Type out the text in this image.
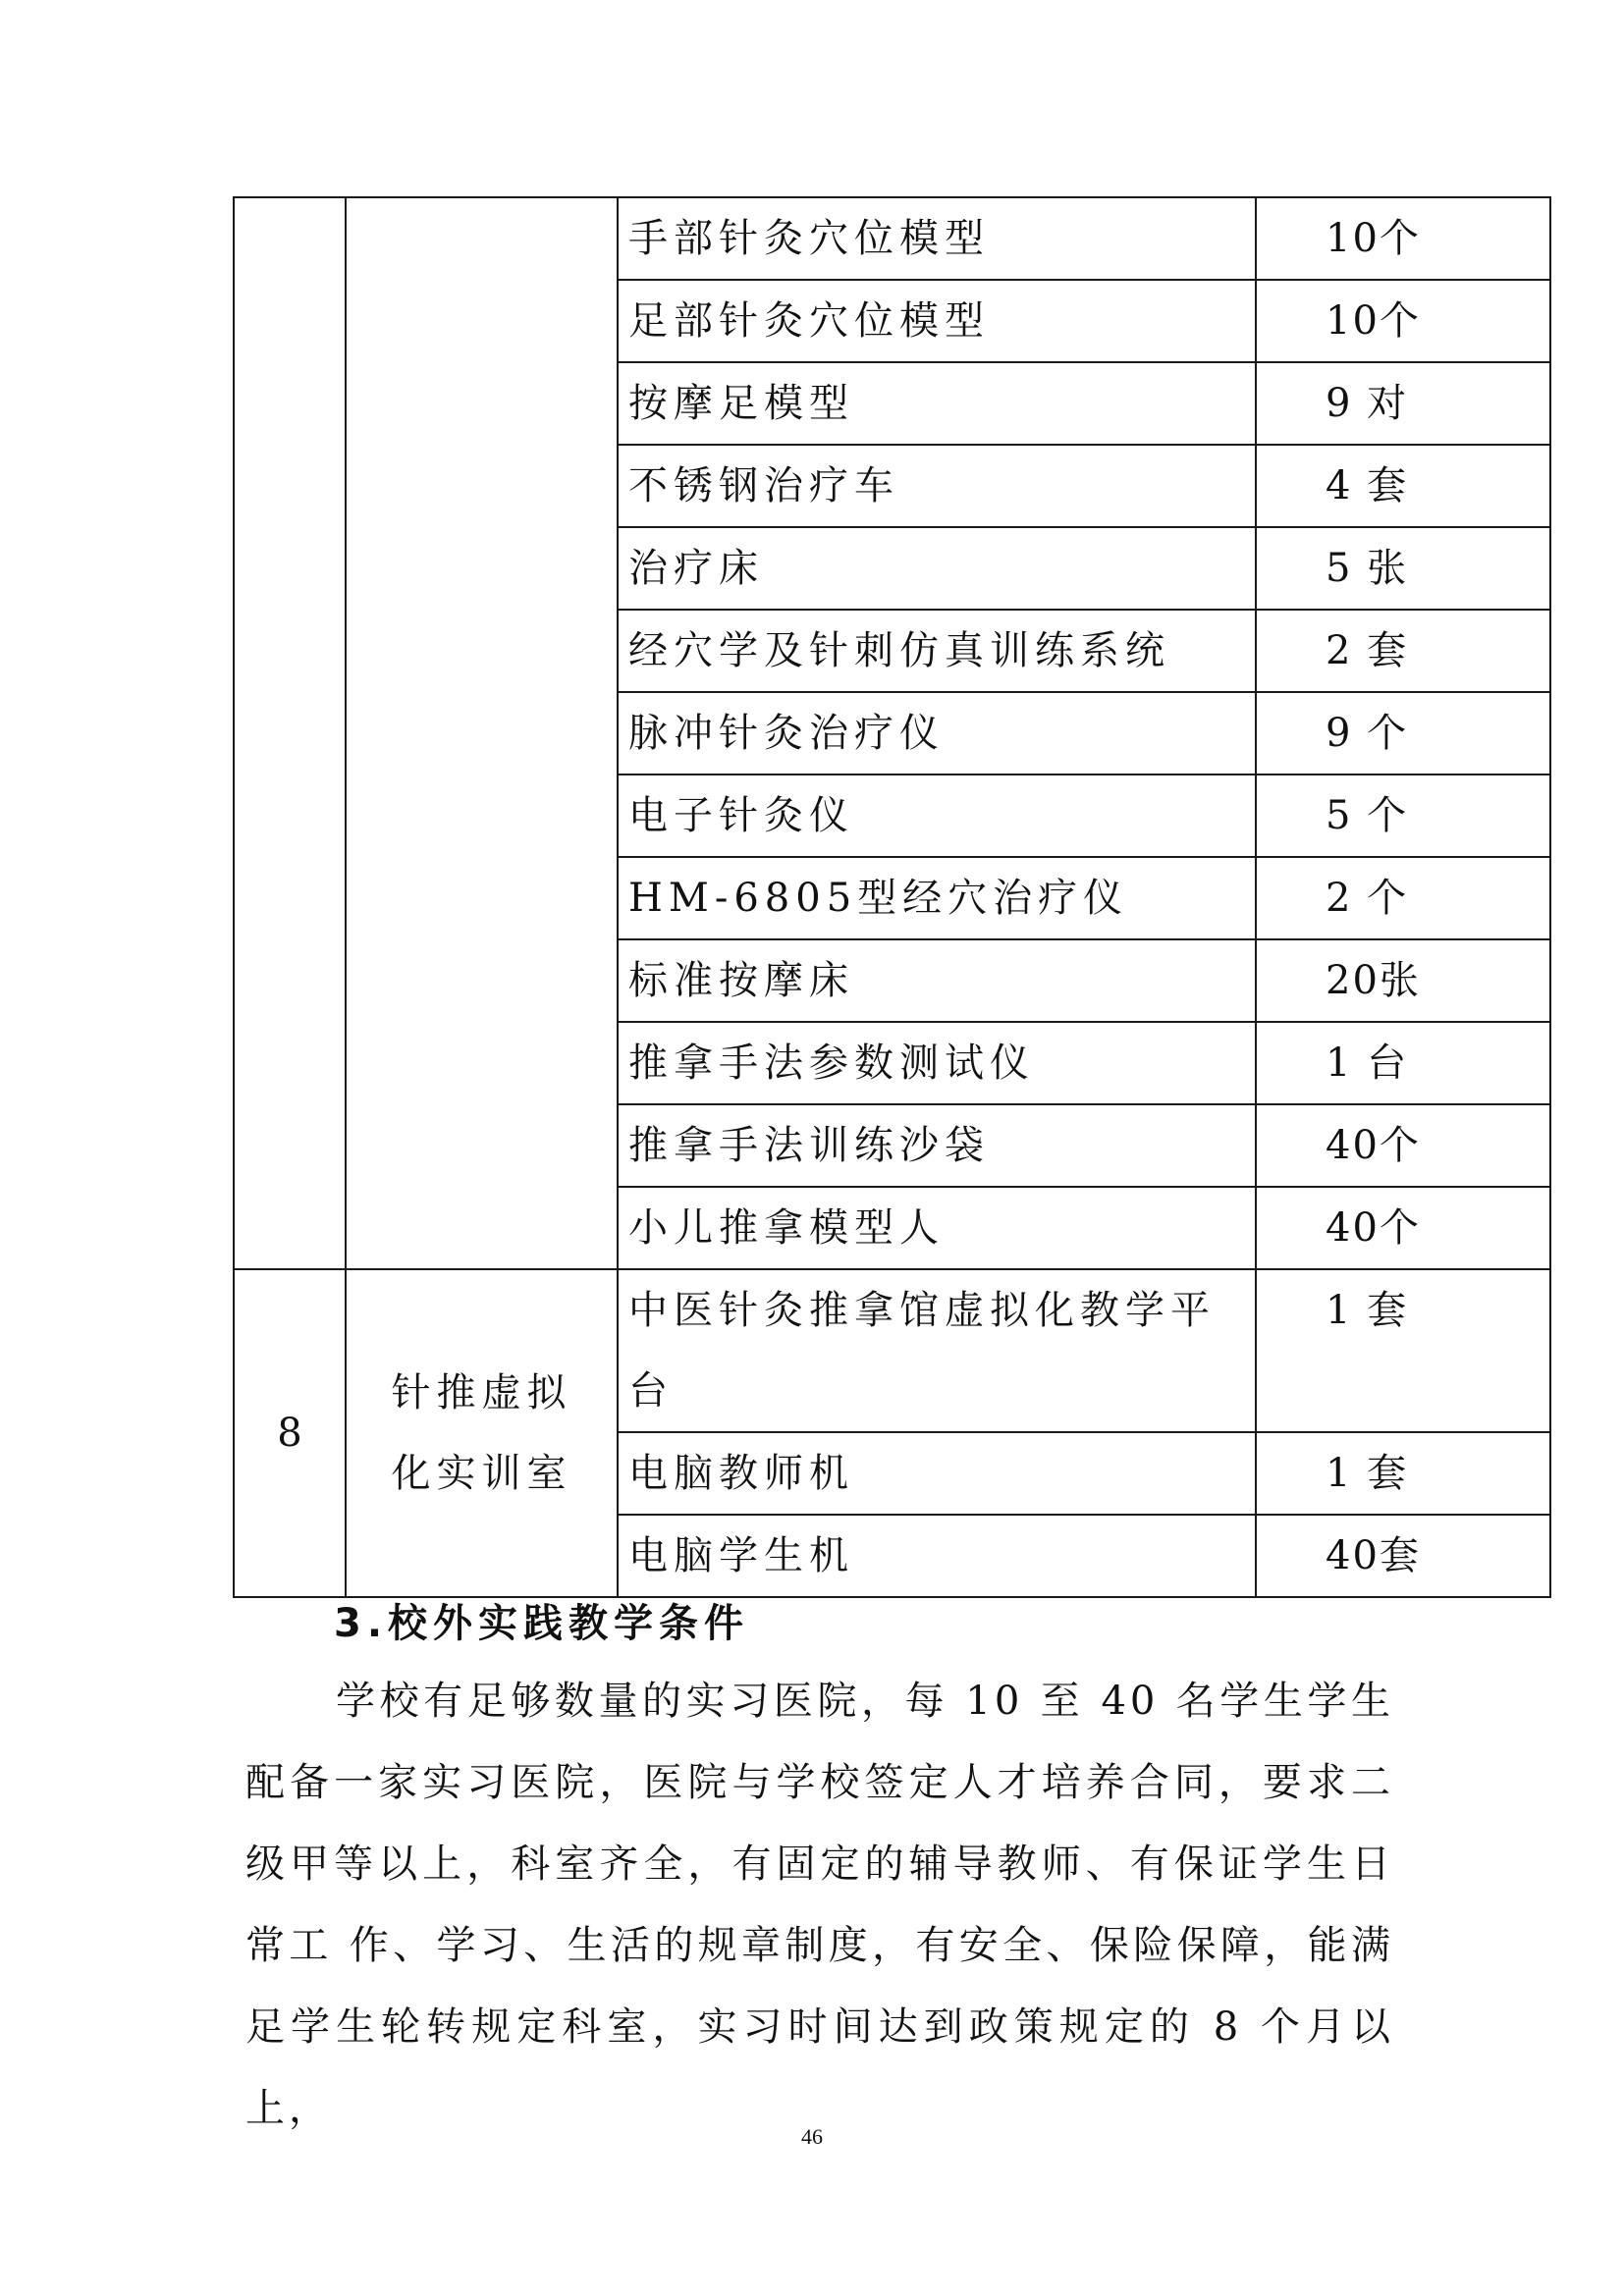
		手部针灸穴位模型	10个
		足部针灸穴位模型	10个
		按摩足模型	9 对
		不锈钢治疗车	4 套
		治疗床	5 张
		经穴学及针刺仿真训练系统	2 套
		脉冲针灸治疗仪	9 个
		电子针灸仪	5 个
		HM-6805型经穴治疗仪	2 个
		标准按摩床	20张
		推拿手法参数测试仪	1 台
		推拿手法训练沙袋	40个
		小儿推拿模型人	40个
8	针推虚拟化实训室	中医针灸推拿馆虚拟化教学平台	1 套
		电脑教师机	1 套
		电脑学生机	40套
3.校外实践教学条件

学校有足够数量的实习医院，每 10 至 40 名学生学生配备一家实习医院，医院与学校签定人才培养合同，要求二级甲等以上，科室齐全，有固定的辅导教师、有保证学生日常工 作、学习、生活的规章制度，有安全、保险保障，能满足学生轮转规定科室，实习时间达到政策规定的 8 个月以上，

46
